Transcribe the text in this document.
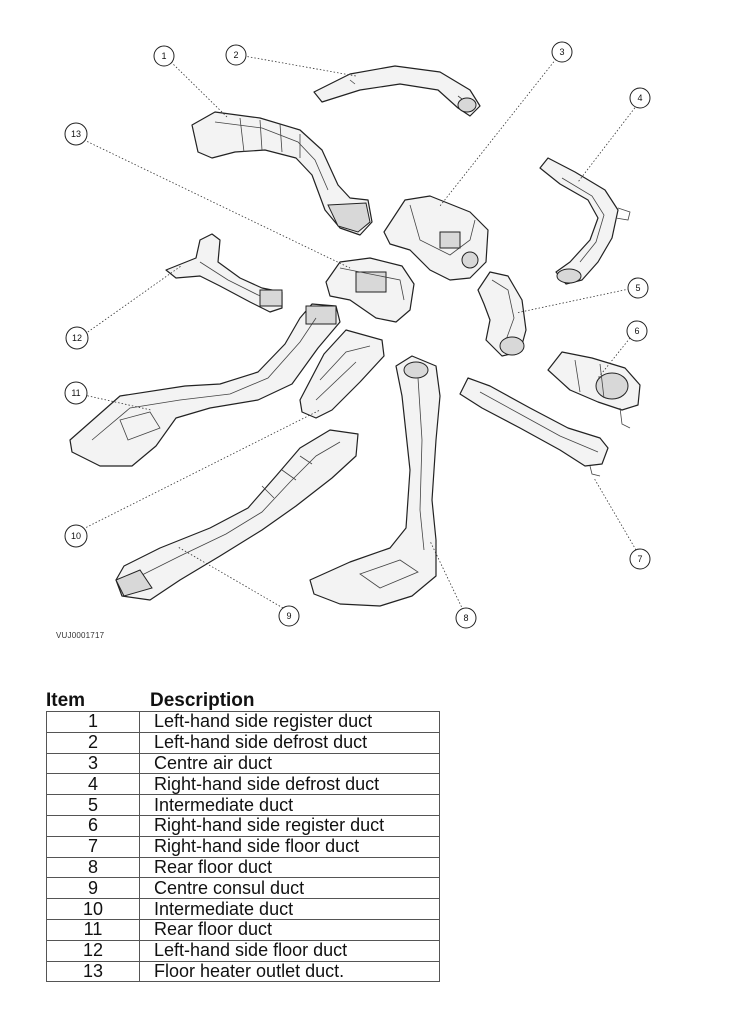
1	2	3
4
5
6
7
8
9
10
11
12
13
VUJ0001717
Item	Description
1	Left-hand side register duct
2	Left-hand side defrost duct
3	Centre air duct
4	Right-hand side defrost duct
5	Intermediate duct
6	Right-hand side register duct
7	Right-hand side floor duct
8	Rear floor duct
9	Centre consul duct
10	Intermediate duct
11	Rear floor duct
12	Left-hand side floor duct
13	Floor heater outlet duct.
